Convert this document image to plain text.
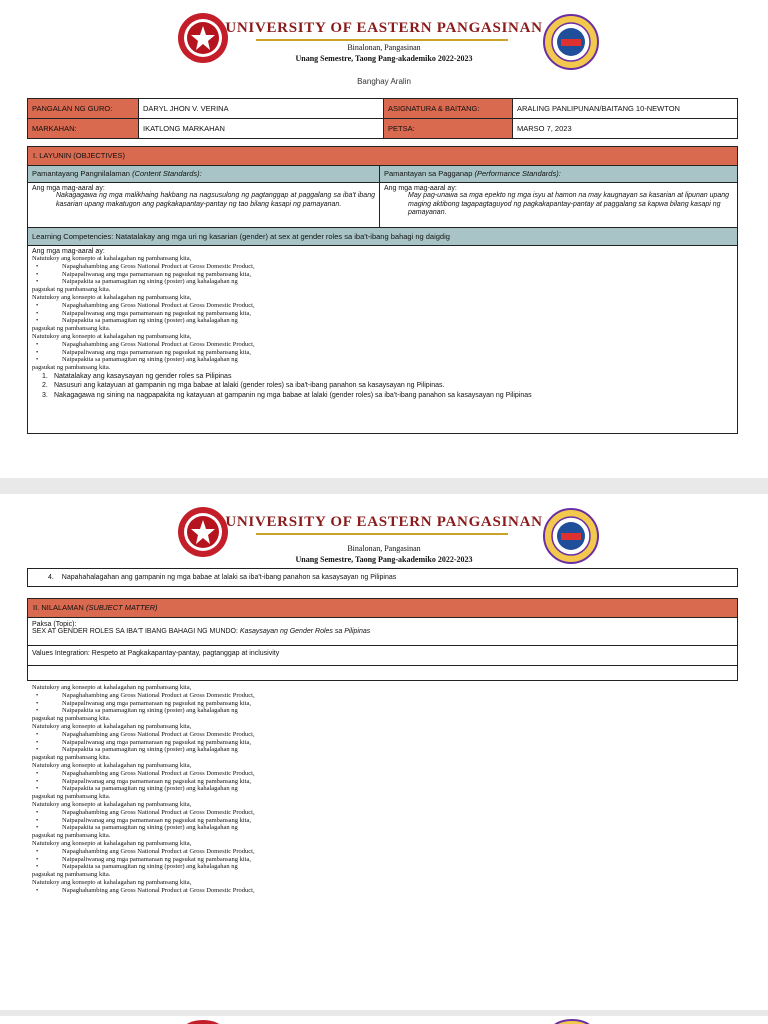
UNIVERSITY OF EASTERN PANGASINAN
Binalonan, Pangasinan
Unang Semestre, Taong Pang-akademiko 2022-2023
Banghay Aralin
PANGALAN NG GURO:	DARYL JHON V. VERINA	ASIGNATURA & BAITANG:	ARALING PANLIPUNAN/BAITANG 10-NEWTON
MARKAHAN:	IKATLONG MARKAHAN	PETSA:	MARSO 7, 2023
I. LAYUNIN (OBJECTIVES)
Pamantayang Pangnilalaman (Content Standards):	Pamantayan sa Pagganap (Performance Standards):
Ang mga mag-aaral ay:
Nakagagawa ng mga malikhaing hakbang na nagsusulong ng pagtanggap at paggalang sa iba't ibang kasarian upang makatugon ang pagkakapantay-pantay ng tao bilang kasapi ng pamayanan.
Ang mga mag-aaral ay:
May pag-unawa sa mga epekto ng mga isyu at hamon na may kaugnayan sa kasarian at lipunan upang maging aktibong tagapagtaguyod ng pagkakapantay-pantay at paggalang sa kapwa bilang kasapi ng pamayanan.
Learning Competencies: Natatalakay ang mga uri ng kasarian (gender) at sex at gender roles sa iba't-ibang bahagi ng daigdig
Ang mga mag-aaral ay:
Natutukoy ang konsepto at kahalagahan ng pambansang kita,
• Napaghahambing ang Gross National Product at Gross Domestic Product,
• Naipapaliwanag ang mga pamamaraan ng pagsukat ng pambansang kita,
• Naipapakita sa pamamagitan ng sining (poster) ang kahalagahan ng
pagsukat ng pambansang kita.
Natutukoy ang konsepto at kahalagahan ng pambansang kita,
• Napaghahambing ang Gross National Product at Gross Domestic Product,
• Naipapaliwanag ang mga pamamaraan ng pagsukat ng pambansang kita,
• Naipapakita sa pamamagitan ng sining (poster) ang kahalagahan ng
pagsukat ng pambansang kita.
Natutukoy ang konsepto at kahalagahan ng pambansang kita,
• Napaghahambing ang Gross National Product at Gross Domestic Product,
• Naipapaliwanag ang mga pamamaraan ng pagsukat ng pambansang kita,
• Naipapakita sa pamamagitan ng sining (poster) ang kahalagahan ng
pagsukat ng pambansang kita.
1. Natatalakay ang kasaysayan ng gender roles sa Pilipinas
2. Nasusuri ang katayuan at gampanin ng mga babae at lalaki (gender roles) sa iba't-ibang panahon sa kasaysayan ng Pilipinas.
3. Nakagagawa ng sining na nagpapakita ng katayuan at gampanin ng mga babae at lalaki (gender roles) sa iba't-ibang panahon sa kasaysayan ng Pilipinas
UNIVERSITY OF EASTERN PANGASINAN
Binalonan, Pangasinan
Unang Semestre, Taong Pang-akademiko 2022-2023
4. Napahahalagahan ang gampanin ng mga babae at lalaki sa iba't-ibang panahon sa kasaysayan ng Pilipinas
II. NILALAMAN (SUBJECT MATTER)
Paksa (Topic):
SEX AT GENDER ROLES SA IBA'T IBANG BAHAGI NG MUNDO: Kasaysayan ng Gender Roles sa Pilipinas
Values Integration: Respeto at Pagkakapantay-pantay, pagtanggap at inclusivity
Natutukoy ang konsepto at kahalagahan ng pambansang kita,
• Napaghahambing ang Gross National Product at Gross Domestic Product,
• Naipapaliwanag ang mga pamamaraan ng pagsukat ng pambansang kita,
• Naipapakita sa pamamagitan ng sining (poster) ang kahalagahan ng
pagsukat ng pambansang kita.
Natutukoy ang konsepto at kahalagahan ng pambansang kita,
• Napaghahambing ang Gross National Product at Gross Domestic Product,
• Naipapaliwanag ang mga pamamaraan ng pagsukat ng pambansang kita,
• Naipapakita sa pamamagitan ng sining (poster) ang kahalagahan ng
pagsukat ng pambansang kita.
Natutukoy ang konsepto at kahalagahan ng pambansang kita,
• Napaghahambing ang Gross National Product at Gross Domestic Product,
• Naipapaliwanag ang mga pamamaraan ng pagsukat ng pambansang kita,
• Naipapakita sa pamamagitan ng sining (poster) ang kahalagahan ng
pagsukat ng pambansang kita.
Natutukoy ang konsepto at kahalagahan ng pambansang kita,
• Napaghahambing ang Gross National Product at Gross Domestic Product,
• Naipapaliwanag ang mga pamamaraan ng pagsukat ng pambansang kita,
• Naipapakita sa pamamagitan ng sining (poster) ang kahalagahan ng
pagsukat ng pambansang kita.
Natutukoy ang konsepto at kahalagahan ng pambansang kita,
• Napaghahambing ang Gross National Product at Gross Domestic Product,
• Naipapaliwanag ang mga pamamaraan ng pagsukat ng pambansang kita,
• Naipapakita sa pamamagitan ng sining (poster) ang kahalagahan ng
pagsukat ng pambansang kita.
Natutukoy ang konsepto at kahalagahan ng pambansang kita,
• Napaghahambing ang Gross National Product at Gross Domestic Product,
